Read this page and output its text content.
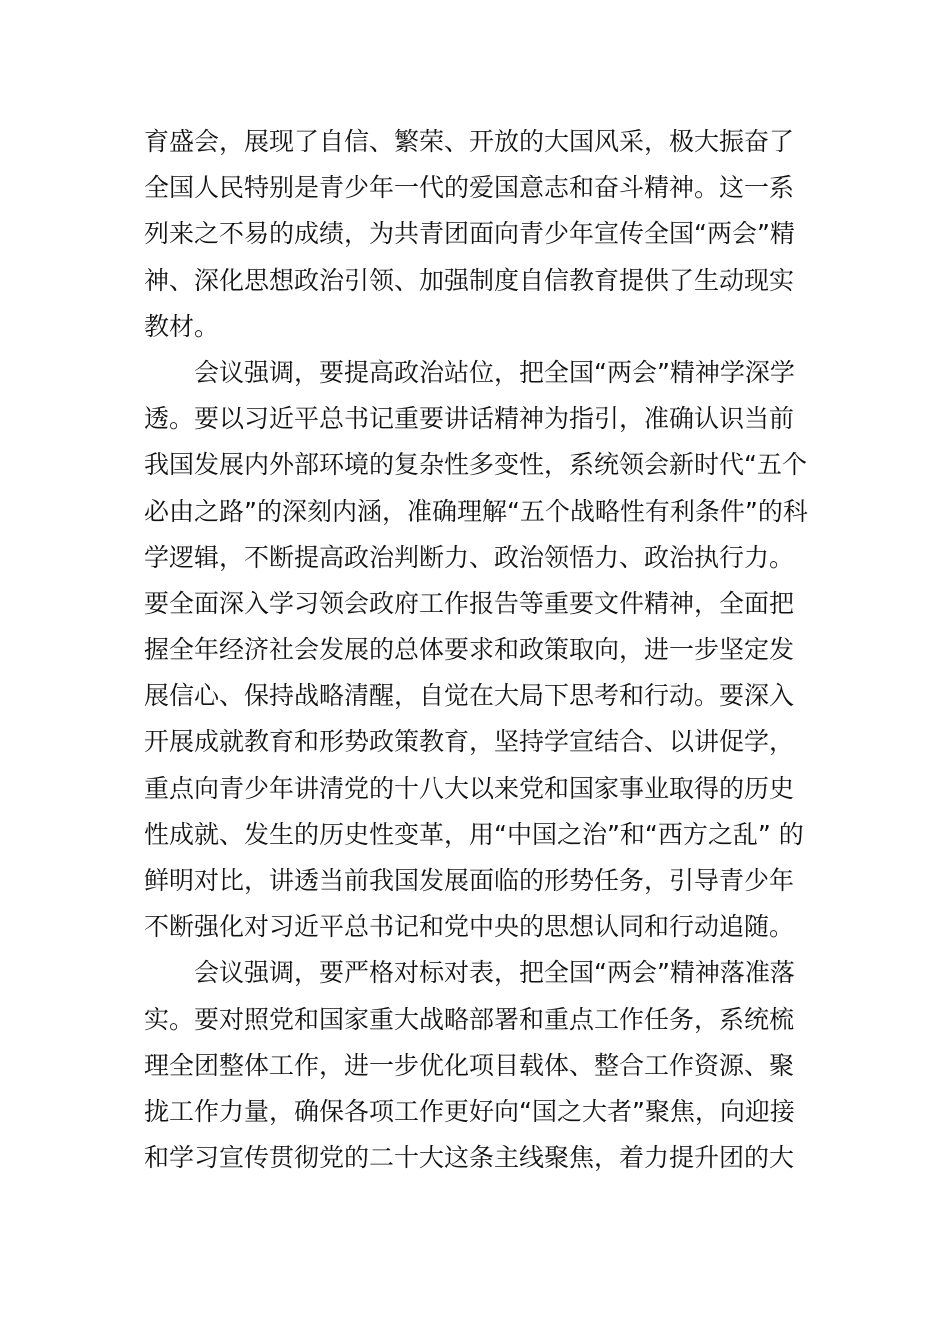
育盛会，展现了自信、繁荣、开放的大国风采，极大振奋了
全国人民特别是青少年一代的爱国意志和奋斗精神。这一系
列来之不易的成绩，为共青团面向青少年宣传全国“两会”精
神、深化思想政治引领、加强制度自信教育提供了生动现实
教材。
会议强调，要提高政治站位，把全国“两会”精神学深学
透。要以习近平总书记重要讲话精神为指引，准确认识当前
我国发展内外部环境的复杂性多变性，系统领会新时代“五个
必由之路”的深刻内涵，准确理解“五个战略性有利条件”的科
学逻辑，不断提高政治判断力、政治领悟力、政治执行力。
要全面深入学习领会政府工作报告等重要文件精神，全面把
握全年经济社会发展的总体要求和政策取向，进一步坚定发
展信心、保持战略清醒，自觉在大局下思考和行动。要深入
开展成就教育和形势政策教育，坚持学宣结合、以讲促学，
重点向青少年讲清党的十八大以来党和国家事业取得的历史
性成就、发生的历史性变革，用“中国之治”和“西方之乱” 的
鲜明对比，讲透当前我国发展面临的形势任务，引导青少年
不断强化对习近平总书记和党中央的思想认同和行动追随。
会议强调，要严格对标对表，把全国“两会”精神落准落
实。要对照党和国家重大战略部署和重点工作任务，系统梳
理全团整体工作，进一步优化项目载体、整合工作资源、聚
拢工作力量，确保各项工作更好向“国之大者”聚焦，向迎接
和学习宣传贯彻党的二十大这条主线聚焦，着力提升团的大
